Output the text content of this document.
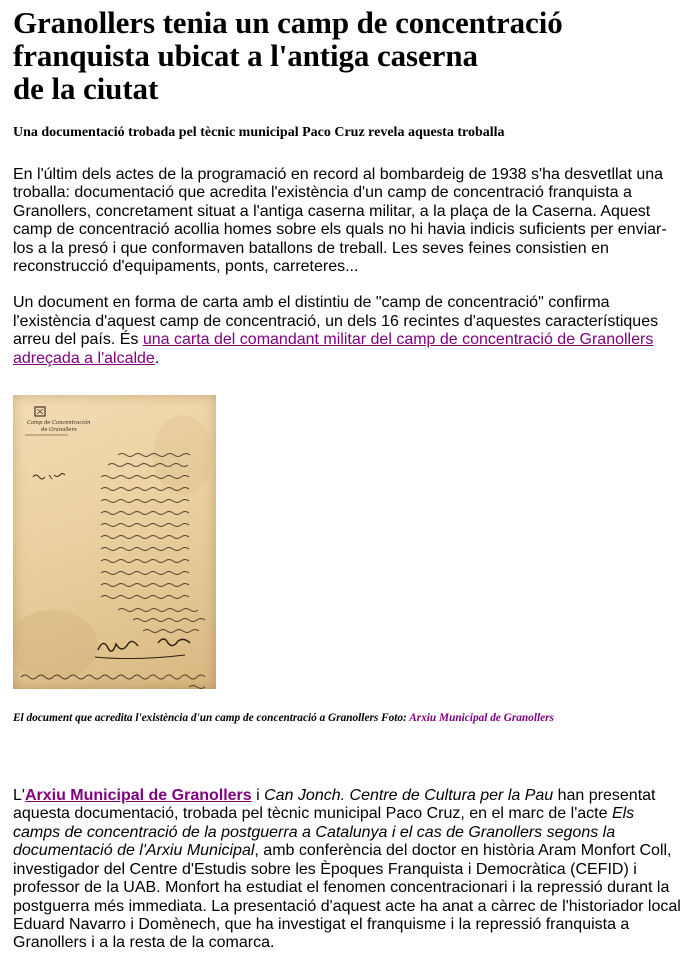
Granollers tenia un camp de concentració
franquista ubicat a l'antiga caserna
de la ciutat

Una documentació trobada pel tècnic municipal Paco Cruz revela aquesta troballa

En l'últim dels actes de la programació en record al bombardeig de 1938 s'ha desvetllat una troballa: documentació que acredita l'existència d'un camp de concentració franquista a Granollers, concretament situat a l'antiga caserna militar, a la plaça de la Caserna. Aquest camp de concentració acollia homes sobre els quals no hi havia indicis suficients per enviar-los a la presó i que conformaven batallons de treball. Les seves feines consistien en reconstrucció d'equipaments, ponts, carreteres...

Un document en forma de carta amb el distintiu de "camp de concentració" confirma l'existència d'aquest camp de concentració, un dels 16 recintes d'aquestes característiques arreu del país. És una carta del comandant militar del camp de concentració de Granollers adreçada a l'alcalde.

Camp de Concentración
de Granollers

El document que acredita l'existència d'un camp de concentració a Granollers Foto: Arxiu Municipal de Granollers

L'Arxiu Municipal de Granollers i Can Jonch. Centre de Cultura per la Pau han presentat aquesta documentació, trobada pel tècnic municipal Paco Cruz, en el marc de l'acte Els camps de concentració de la postguerra a Catalunya i el cas de Granollers segons la documentació de l'Arxiu Municipal, amb conferència del doctor en història Aram Monfort Coll, investigador del Centre d'Estudis sobre les Èpoques Franquista i Democràtica (CEFID) i professor de la UAB. Monfort ha estudiat el fenomen concentracionari i la repressió durant la postguerra més immediata. La presentació d'aquest acte ha anat a càrrec de l'historiador local Eduard Navarro i Domènech, que ha investigat el franquisme i la repressió franquista a Granollers i a la resta de la comarca.
